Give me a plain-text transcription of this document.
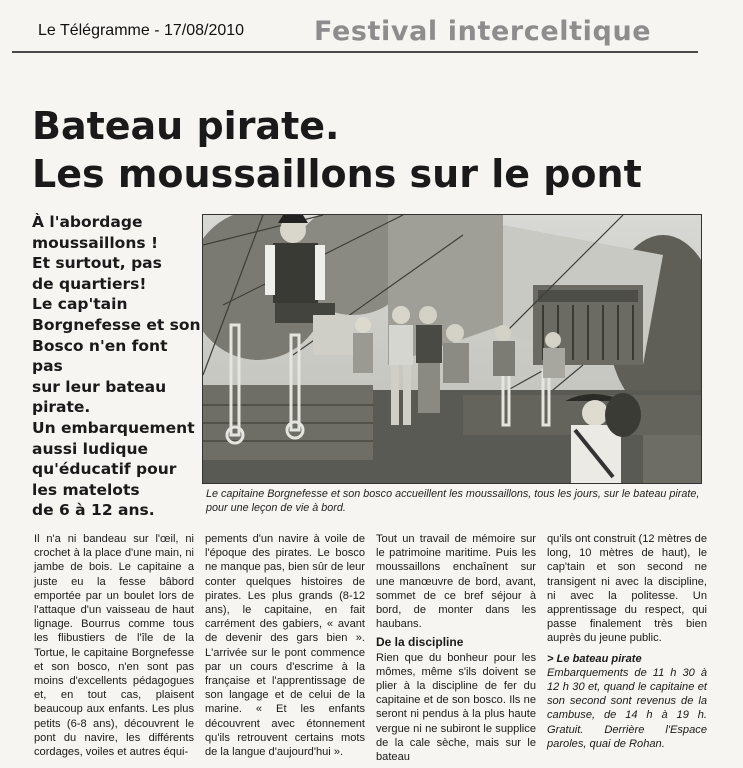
Le Télégramme - 17/08/2010	Festival interceltique
Bateau pirate.
Les moussaillons sur le pont
À l'abordage
moussaillons !
Et surtout, pas
de quartiers!
Le cap'tain
Borgnefesse et son
Bosco n'en font pas
sur leur bateau
pirate.
Un embarquement
aussi ludique
qu'éducatif pour
les matelots
de 6 à 12 ans.
Le capitaine Borgnefesse et son bosco accueillent les moussaillons, tous les jours, sur le bateau pirate, pour une leçon de vie à bord.

Il n'a ni bandeau sur l'œil, ni crochet à la place d'une main, ni jambe de bois. Le capitaine a juste eu la fesse bâbord emportée par un boulet lors de l'attaque d'un vaisseau de haut lignage. Bourrus comme tous les flibustiers de l'île de la Tortue, le capitaine Borgnefesse et son bosco, n'en sont pas moins d'excellents pédagogues et, en tout cas, plaisent beaucoup aux enfants. Les plus petits (6-8 ans), découvrent le pont du navire, les différents cordages, voiles et autres équi-

pements d'un navire à voile de l'époque des pirates. Le bosco ne manque pas, bien sûr de leur conter quelques histoires de pirates. Les plus grands (8-12 ans), le capitaine, en fait carrément des gabiers, « avant de devenir des gars bien ». L'arrivée sur le pont commence par un cours d'escrime à la française et l'apprentissage de son langage et de celui de la marine. « Et les enfants découvrent avec étonnement qu'ils retrouvent certains mots de la langue d'aujourd'hui ».

Tout un travail de mémoire sur le patrimoine maritime. Puis les moussaillons enchaînent sur une manœuvre de bord, avant, sommet de ce bref séjour à bord, de monter dans les haubans.

De la discipline

Rien que du bonheur pour les mômes, même s'ils doivent se plier à la discipline de fer du capitaine et de son bosco. Ils ne seront ni pendus à la plus haute vergue ni ne subiront le supplice de la cale sèche, mais sur le bateau

qu'ils ont construit (12 mètres de long, 10 mètres de haut), le cap'tain et son second ne transigent ni avec la discipline, ni avec la politesse. Un apprentissage du respect, qui passe finalement très bien auprès du jeune public.

> Le bateau pirate
Embarquements de 11 h 30 à 12 h 30 et, quand le capitaine et son second sont revenus de la cambuse, de 14 h à 19 h. Gratuit. Derrière l'Espace paroles, quai de Rohan.
